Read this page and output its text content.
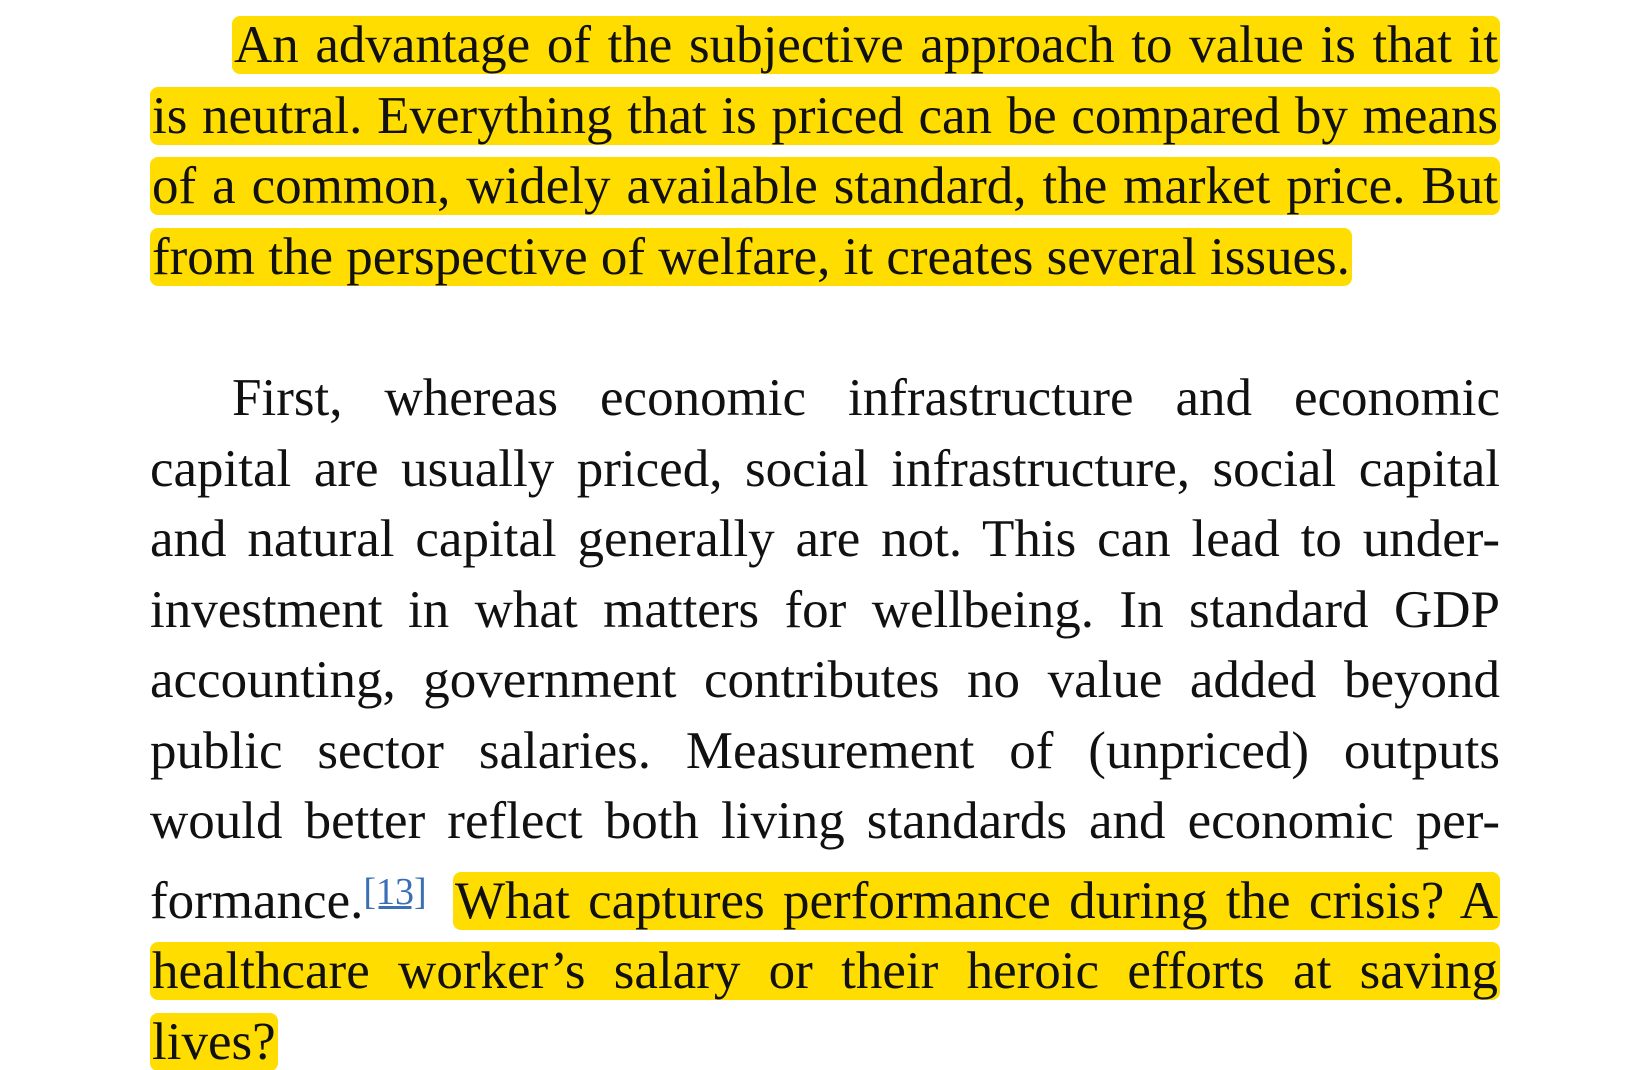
An advantage of the subjective approach to value is that it is neutral. Everything that is priced can be compared by means of a common, widely available standard, the market price. But from the perspective of welfare, it creates several issues.

First, whereas economic infrastructure and economic capital are usually priced, social infrastructure, social capital and natural capital generally are not. This can lead to under-investment in what matters for wellbeing. In standard GDP accounting, government contributes no value added beyond public sector salaries. Measurement of (unpriced) outputs would better reflect both living standards and economic per-formance.[13] What captures performance during the crisis? A healthcare worker’s salary or their heroic efforts at saving lives?
